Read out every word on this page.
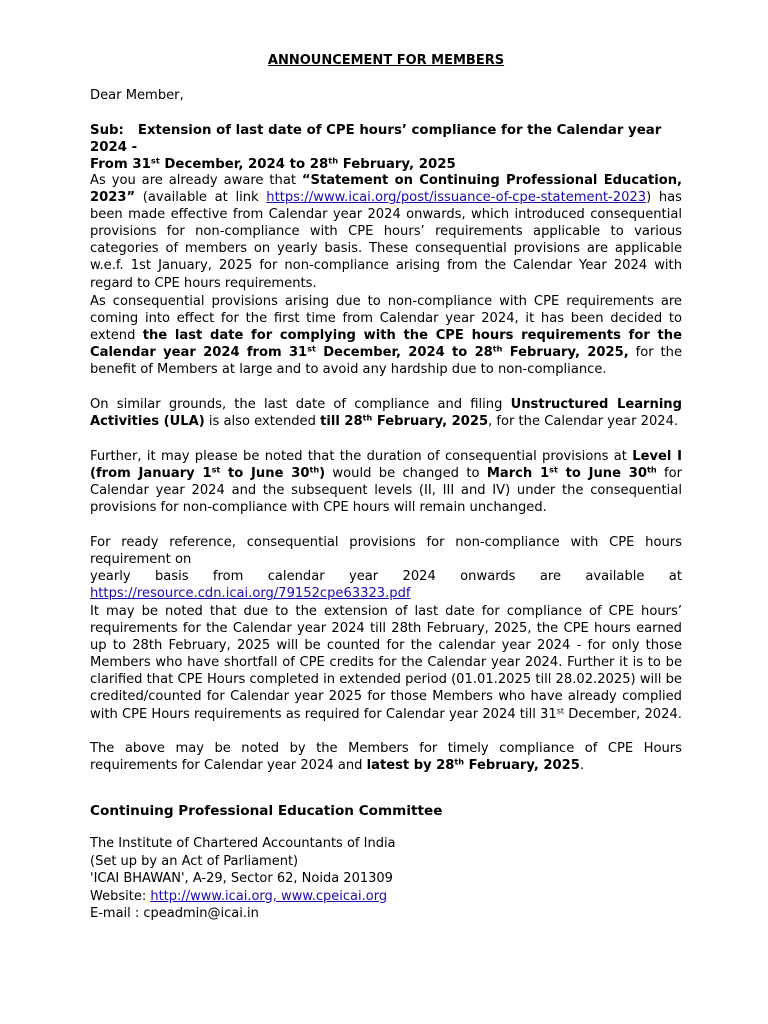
ANNOUNCEMENT FOR MEMBERS
Dear Member,
Sub: Extension of last date of CPE hours’ compliance for the Calendar year 2024 -
From 31st December, 2024 to 28th February, 2025
As you are already aware that “Statement on Continuing Professional Education, 2023” (available at link https://www.icai.org/post/issuance-of-cpe-statement-2023) has been made effective from Calendar year 2024 onwards, which introduced consequential provisions for non-compliance with CPE hours’ requirements applicable to various categories of members on yearly basis. These consequential provisions are applicable w.e.f. 1st January, 2025 for non-compliance arising from the Calendar Year 2024 with regard to CPE hours requirements.
As consequential provisions arising due to non-compliance with CPE requirements are coming into effect for the first time from Calendar year 2024, it has been decided to extend the last date for complying with the CPE hours requirements for the Calendar year 2024 from 31st December, 2024 to 28th February, 2025, for the benefit of Members at large and to avoid any hardship due to non-compliance.
On similar grounds, the last date of compliance and filing Unstructured Learning Activities (ULA) is also extended till 28th February, 2025, for the Calendar year 2024.
Further, it may please be noted that the duration of consequential provisions at Level I (from January 1st to June 30th) would be changed to March 1st to June 30th for Calendar year 2024 and the subsequent levels (II, III and IV) under the consequential provisions for non-compliance with CPE hours will remain unchanged.
For ready reference, consequential provisions for non-compliance with CPE hours requirement on
yearly basis from calendar year 2024 onwards are available at
https://resource.cdn.icai.org/79152cpe63323.pdf
It may be noted that due to the extension of last date for compliance of CPE hours’ requirements for the Calendar year 2024 till 28th February, 2025, the CPE hours earned up to 28th February, 2025 will be counted for the calendar year 2024 - for only those Members who have shortfall of CPE credits for the Calendar year 2024. Further it is to be clarified that CPE Hours completed in extended period (01.01.2025 till 28.02.2025) will be credited/counted for Calendar year 2025 for those Members who have already complied with CPE Hours requirements as required for Calendar year 2024 till 31st December, 2024.
The above may be noted by the Members for timely compliance of CPE Hours requirements for Calendar year 2024 and latest by 28th February, 2025.
Continuing Professional Education Committee
The Institute of Chartered Accountants of India
(Set up by an Act of Parliament)
'ICAI BHAWAN', A-29, Sector 62, Noida 201309
Website: http://www.icai.org, www.cpeicai.org
E-mail : cpeadmin@icai.in
